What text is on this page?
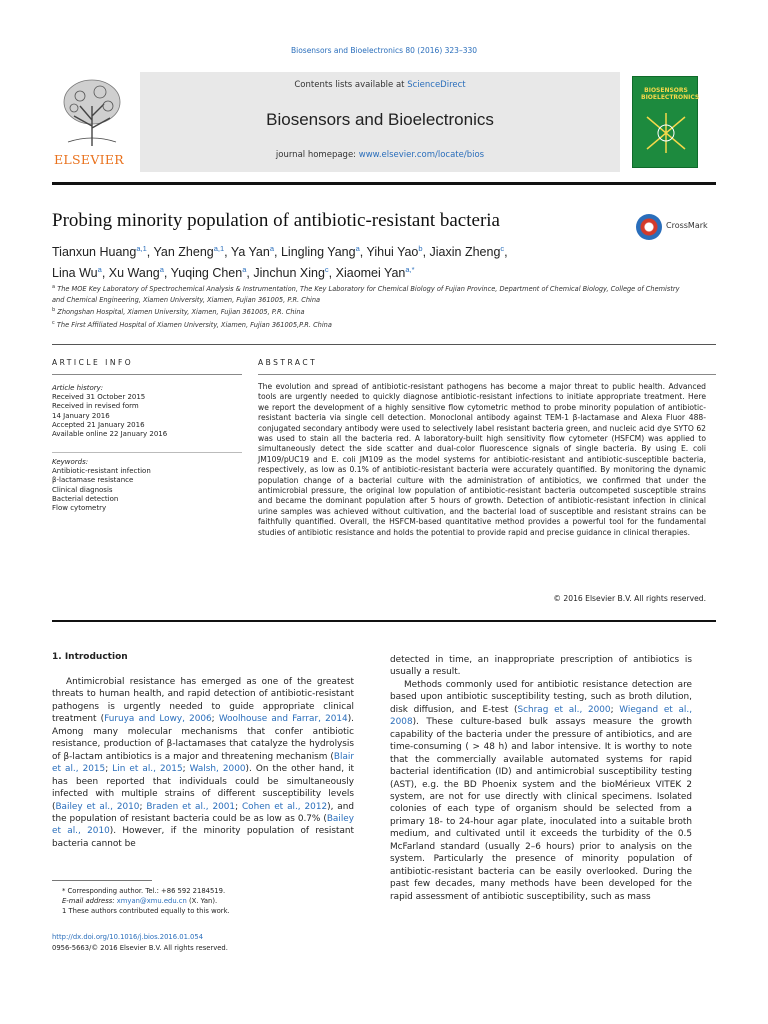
Biosensors and Bioelectronics 80 (2016) 323–330
ELSEVIER
Contents lists available at ScienceDirect
Biosensors and Bioelectronics
journal homepage: www.elsevier.com/locate/bios
BIOSENSORS BIOELECTRONICS
Probing minority population of antibiotic-resistant bacteria	CrossMark
Tianxun Huang$^{a,1}$, Yan Zheng$^{a,1}$, Ya Yan$^a$, Lingling Yang$^a$, Yihui Yao$^b$, Jiaxin Zheng$^c$,
Lina Wu$^a$, Xu Wang$^a$, Yuqing Chen$^a$, Jinchun Xing$^c$, Xiaomei Yan$^{a,*}$
$^a$ The MOE Key Laboratory of Spectrochemical Analysis & Instrumentation, The Key Laboratory for Chemical Biology of Fujian Province, Department of Chemical Biology, College of Chemistry and Chemical Engineering, Xiamen University, Xiamen, Fujian 361005, P.R. China
$^b$ Zhongshan Hospital, Xiamen University, Xiamen, Fujian 361005, P.R. China
$^c$ The First Affiliated Hospital of Xiamen University, Xiamen, Fujian 361005,P.R. China
ARTICLE INFO	ABSTRACT
Article history:
Received 31 October 2015
Received in revised form
14 January 2016
Accepted 21 January 2016
Available online 22 January 2016
Keywords:
Antibiotic-resistant infection
β-lactamase resistance
Clinical diagnosis
Bacterial detection
Flow cytometry
The evolution and spread of antibiotic-resistant pathogens has become a major threat to public health. Advanced tools are urgently needed to quickly diagnose antibiotic-resistant infections to initiate appropriate treatment. Here we report the development of a highly sensitive flow cytometric method to probe minority population of antibiotic-resistant bacteria via single cell detection. Monoclonal antibody against TEM-1 β-lactamase and Alexa Fluor 488-conjugated secondary antibody were used to selectively label resistant bacteria green, and nucleic acid dye SYTO 62 was used to stain all the bacteria red. A laboratory-built high sensitivity flow cytometer (HSFCM) was applied to simultaneously detect the side scatter and dual-color fluorescence signals of single bacteria. By using E. coli JM109/pUC19 and E. coli JM109 as the model systems for antibiotic-resistant and antibiotic-susceptible bacteria, respectively, as low as 0.1% of antibiotic-resistant bacteria were accurately quantified. By monitoring the dynamic population change of a bacterial culture with the administration of antibiotics, we confirmed that under the antimicrobial pressure, the original low population of antibiotic-resistant bacteria outcompeted susceptible strains and became the dominant population after 5 hours of growth. Detection of antibiotic-resistant infection in clinical urine samples was achieved without cultivation, and the bacterial load of susceptible and resistant strains can be faithfully quantified. Overall, the HSFCM-based quantitative method provides a powerful tool for the fundamental studies of antibiotic resistance and holds the potential to provide rapid and precise guidance in clinical therapies.
© 2016 Elsevier B.V. All rights reserved.
1. Introduction

Antimicrobial resistance has emerged as one of the greatest threats to human health, and rapid detection of antibiotic-resistant pathogens is urgently needed to guide appropriate clinical treatment (Furuya and Lowy, 2006; Woolhouse and Farrar, 2014). Among many molecular mechanisms that confer antibiotic resistance, production of β-lactamases that catalyze the hydrolysis of β-lactam antibiotics is a major and threatening mechanism (Blair et al., 2015; Lin et al., 2015; Walsh, 2000). On the other hand, it has been reported that individuals could be simultaneously infected with multiple strains of different susceptibility levels (Bailey et al., 2010; Braden et al., 2001; Cohen et al., 2012), and the population of resistant bacteria could be as low as 0.7% (Bailey et al., 2010). However, if the minority population of resistant bacteria cannot be

detected in time, an inappropriate prescription of antibiotics is usually a result.

Methods commonly used for antibiotic resistance detection are based upon antibiotic susceptibility testing, such as broth dilution, disk diffusion, and E-test (Schrag et al., 2000; Wiegand et al., 2008). These culture-based bulk assays measure the growth capability of the bacteria under the pressure of antibiotics, and are time-consuming ( > 48 h) and labor intensive. It is worthy to note that the commercially available automated systems for rapid bacterial identification (ID) and antimicrobial susceptibility testing (AST), e.g. the BD Phoenix system and the bioMérieux VITEK 2 system, are not for use directly with clinical specimens. Isolated colonies of each type of organism should be selected from a primary 18- to 24-hour agar plate, inoculated into a suitable broth medium, and cultivated until it exceeds the turbidity of the 0.5 McFarland standard (usually 2–6 hours) prior to analysis on the system. Particularly the presence of minority population of antibiotic-resistant bacteria can be easily overlooked. During the past few decades, many methods have been developed for the rapid assessment of antibiotic susceptibility, such as mass

* Corresponding author. Tel.: +86 592 2184519.
E-mail address: xmyan@xmu.edu.cn (X. Yan).
1 These authors contributed equally to this work.
http://dx.doi.org/10.1016/j.bios.2016.01.054
0956-5663/© 2016 Elsevier B.V. All rights reserved.
